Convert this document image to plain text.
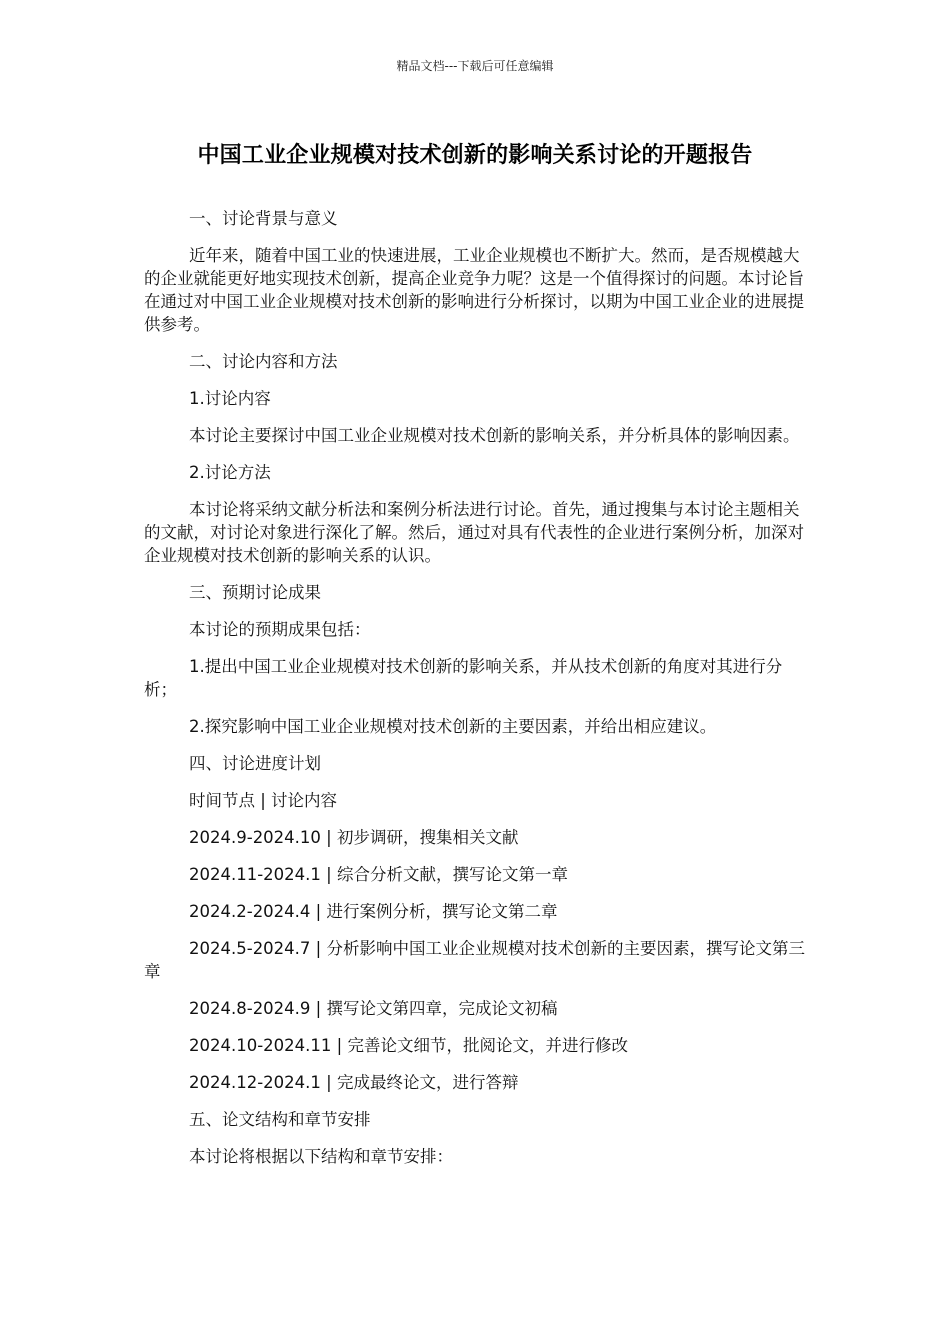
精品文档---下载后可任意编辑
中国工业企业规模对技术创新的影响关系讨论的开题报告

一、讨论背景与意义

近年来，随着中国工业的快速进展，工业企业规模也不断扩大。然而，是否规模越大的企业就能更好地实现技术创新，提高企业竞争力呢？这是一个值得探讨的问题。本讨论旨在通过对中国工业企业规模对技术创新的影响进行分析探讨，以期为中国工业企业的进展提供参考。

二、讨论内容和方法

1.讨论内容

本讨论主要探讨中国工业企业规模对技术创新的影响关系，并分析具体的影响因素。

2.讨论方法

本讨论将采纳文献分析法和案例分析法进行讨论。首先，通过搜集与本讨论主题相关的文献，对讨论对象进行深化了解。然后，通过对具有代表性的企业进行案例分析，加深对企业规模对技术创新的影响关系的认识。

三、预期讨论成果

本讨论的预期成果包括：

1.提出中国工业企业规模对技术创新的影响关系，并从技术创新的角度对其进行分析；

2.探究影响中国工业企业规模对技术创新的主要因素，并给出相应建议。

四、讨论进度计划

时间节点 | 讨论内容

2024.9-2024.10 | 初步调研，搜集相关文献

2024.11-2024.1 | 综合分析文献，撰写论文第一章

2024.2-2024.4 | 进行案例分析，撰写论文第二章

2024.5-2024.7 | 分析影响中国工业企业规模对技术创新的主要因素，撰写论文第三章

2024.8-2024.9 | 撰写论文第四章，完成论文初稿

2024.10-2024.11 | 完善论文细节，批阅论文，并进行修改

2024.12-2024.1 | 完成最终论文，进行答辩

五、论文结构和章节安排

本讨论将根据以下结构和章节安排：
